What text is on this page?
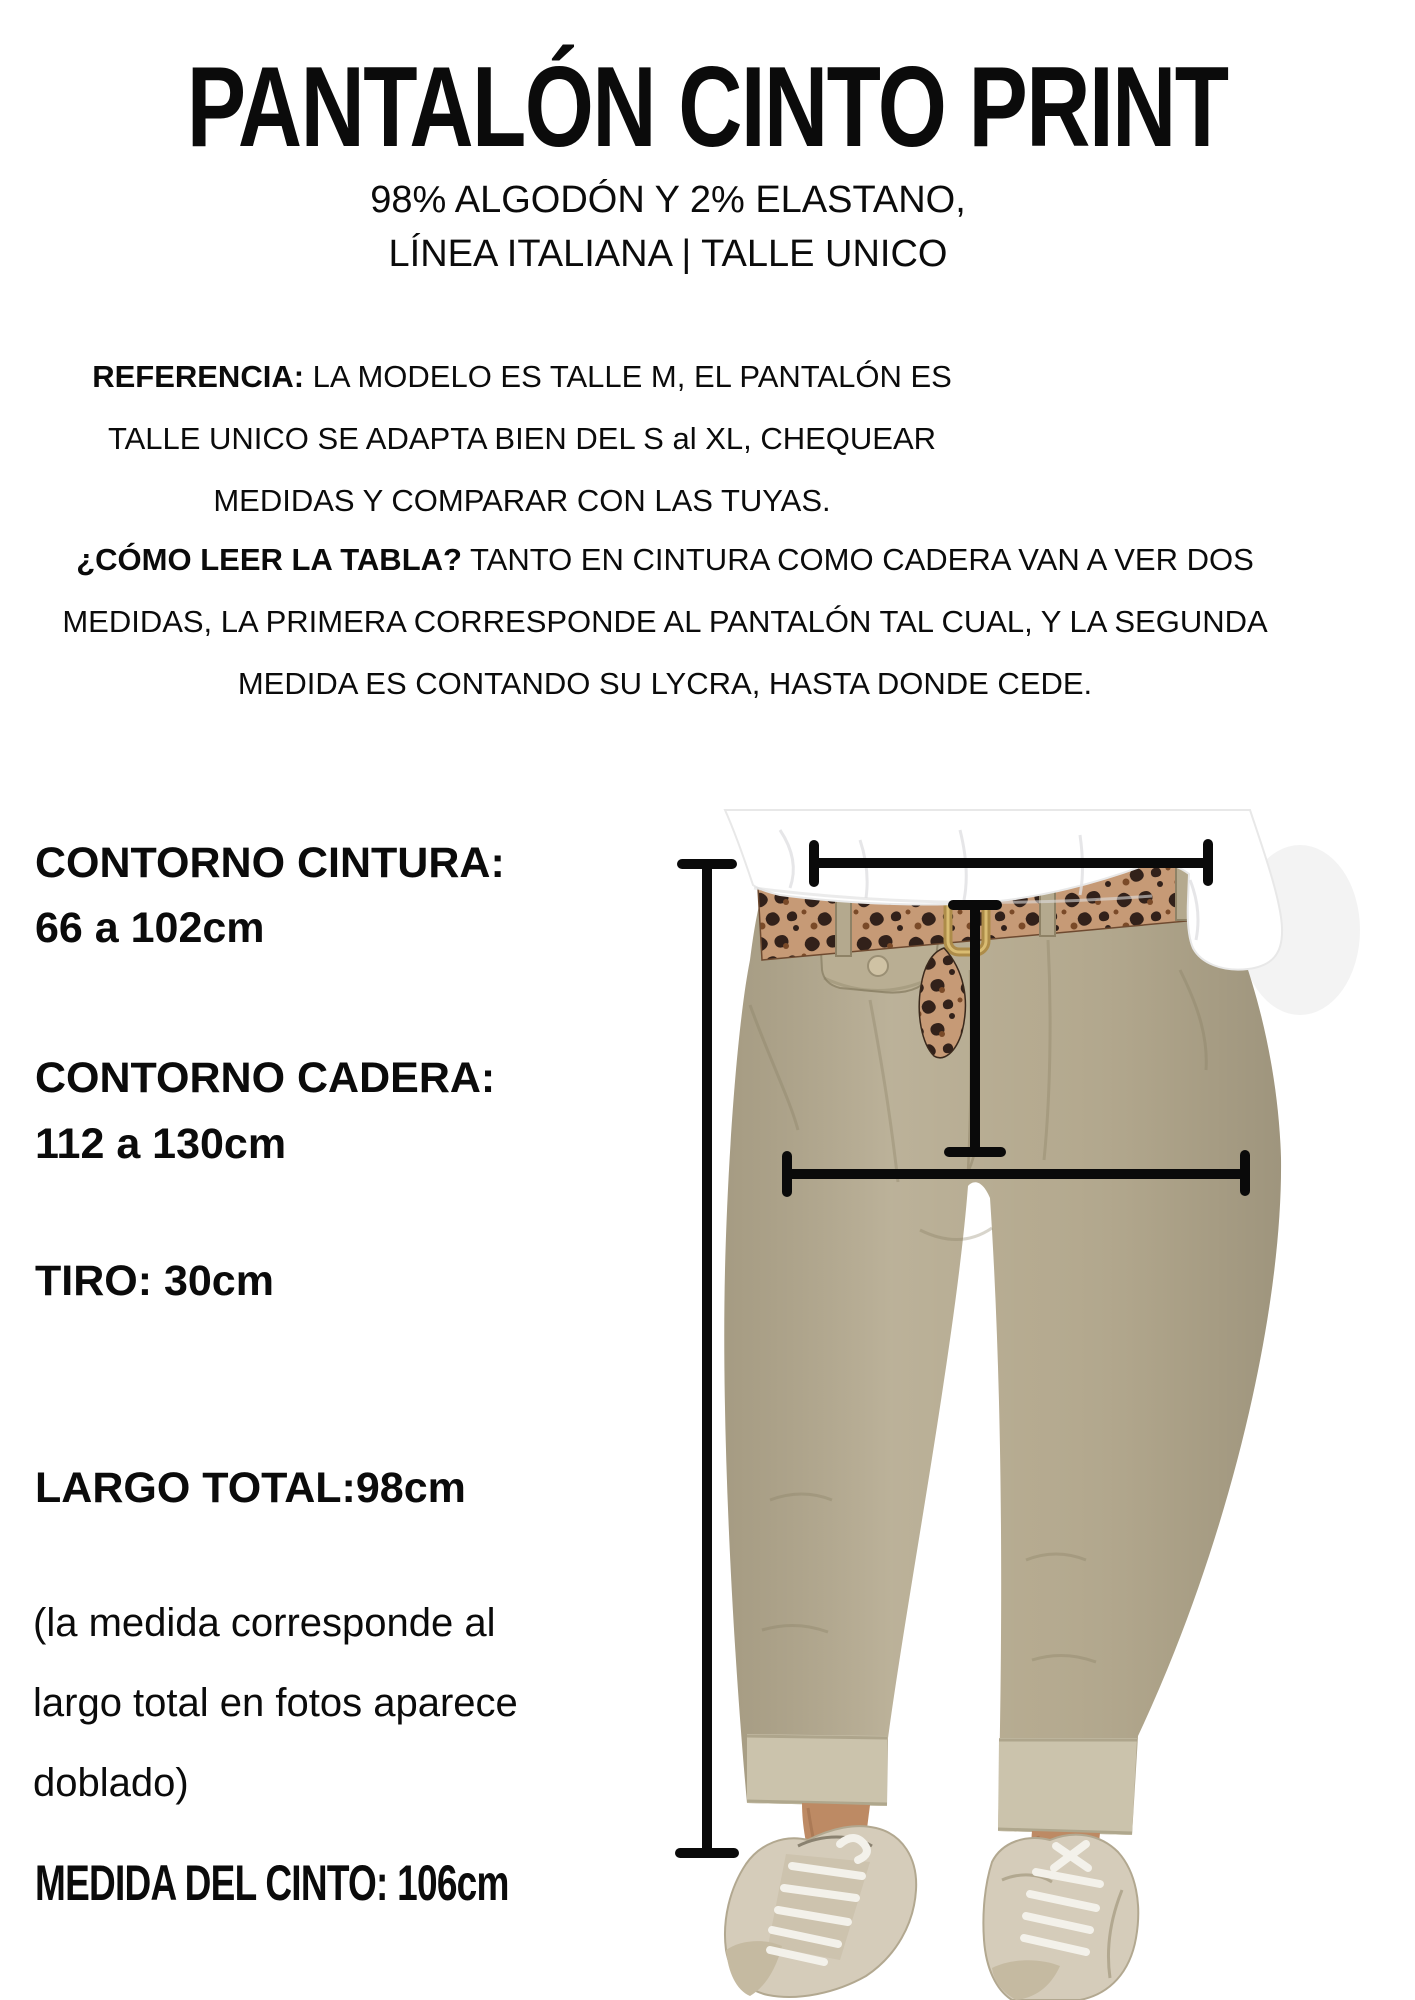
PANTALÓN CINTO PRINT
98% ALGODÓN Y 2% ELASTANO,
LÍNEA ITALIANA | TALLE UNICO
REFERENCIA: LA MODELO ES TALLE M, EL PANTALÓN ES TALLE UNICO SE ADAPTA BIEN DEL S al XL, CHEQUEAR MEDIDAS Y COMPARAR CON LAS TUYAS.
¿CÓMO LEER LA TABLA? TANTO EN CINTURA COMO CADERA VAN A VER DOS MEDIDAS, LA PRIMERA CORRESPONDE AL PANTALÓN TAL CUAL, Y LA SEGUNDA MEDIDA ES CONTANDO SU LYCRA, HASTA DONDE CEDE.
CONTORNO CINTURA:
66 a 102cm
CONTORNO CADERA:
112 a 130cm
TIRO: 30cm
LARGO TOTAL:98cm
(la medida corresponde al largo total en fotos aparece doblado)
MEDIDA DEL CINTO: 106cm
